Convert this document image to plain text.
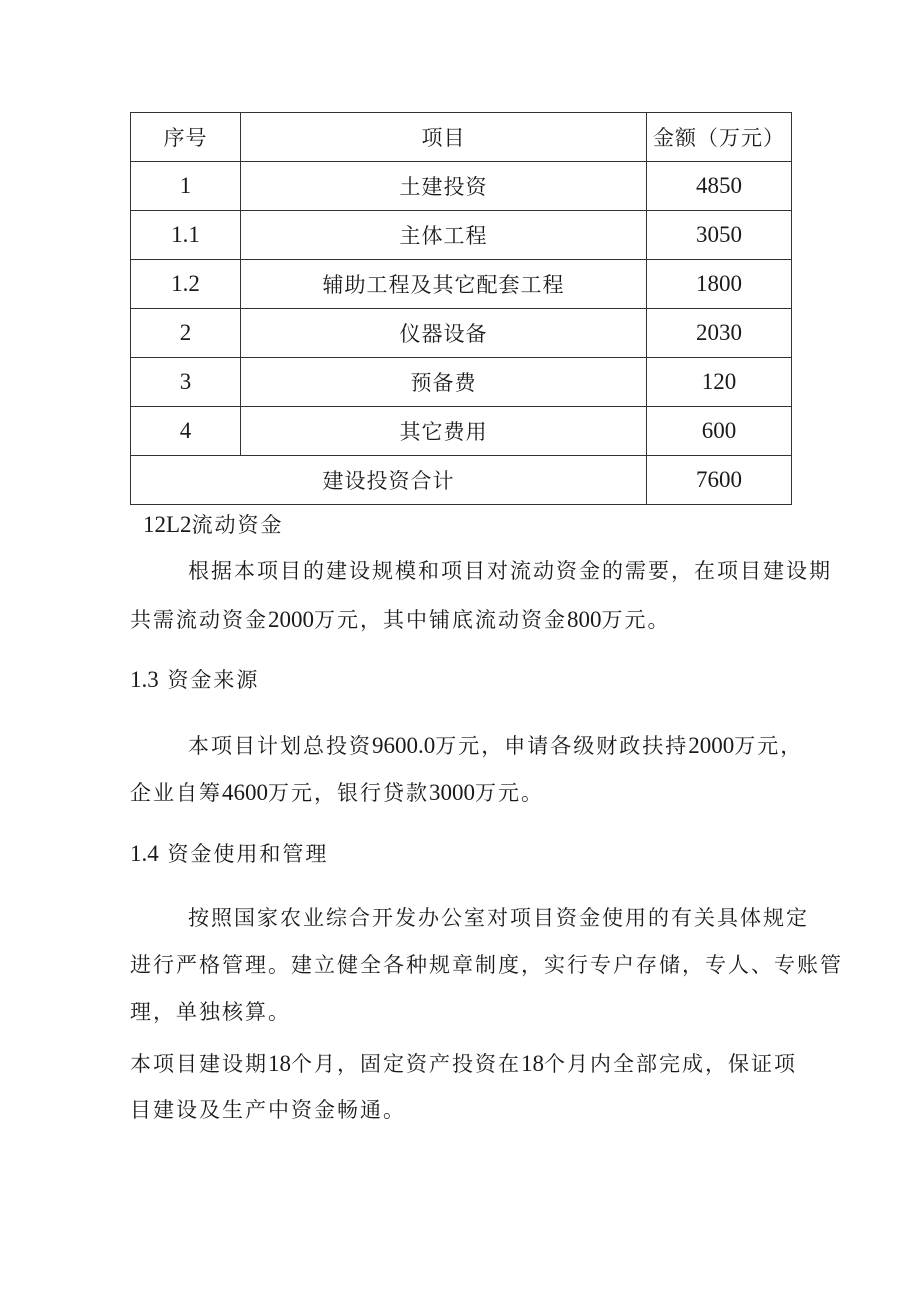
序号	项目	金额（万元）
1	土建投资	4850
1.1	主体工程	3050
1.2	辅助工程及其它配套工程	1800
2	仪器设备	2030
3	预备费	120
4	其它费用	600
建设投资合计		7600
12L2流动资金
根据本项目的建设规模和项目对流动资金的需要，在项目建设期
共需流动资金2000万元，其中铺底流动资金800万元。
1.3 资金来源
本项目计划总投资9600.0万元，申请各级财政扶持2000万元，
企业自筹4600万元，银行贷款3000万元。
1.4 资金使用和管理
按照国家农业综合开发办公室对项目资金使用的有关具体规定
进行严格管理。建立健全各种规章制度，实行专户存储，专人、专账管
理，单独核算。
本项目建设期18个月，固定资产投资在18个月内全部完成，保证项
目建设及生产中资金畅通。
